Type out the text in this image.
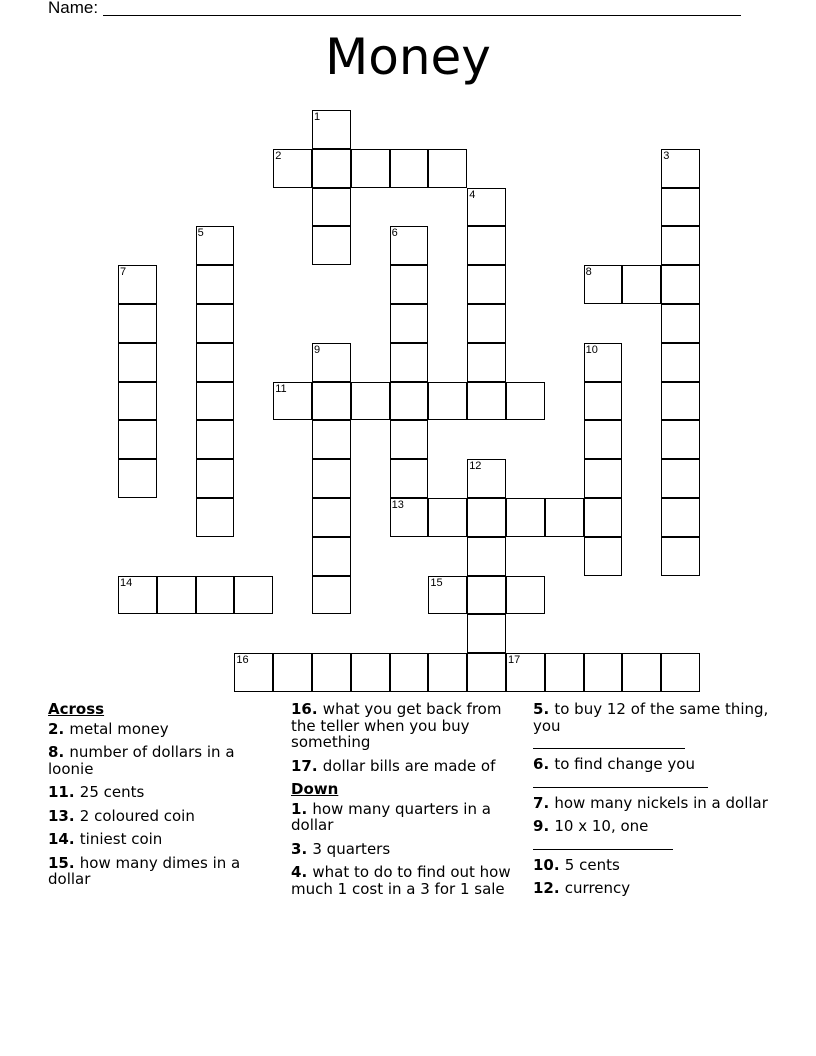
Name:
Money
2
8
11
13
14	15
16	17
1
3
4
5	6
7
9	10
12
Across
2. metal money
8. number of dollars in a loonie
11. 25 cents
13. 2 coloured coin
14. tiniest coin
15. how many dimes in a dollar
16. what you get back from the teller when you buy something
17. dollar bills are made of
Down
1. how many quarters in a dollar
3. 3 quarters
4. what to do to find out how much 1 cost in a 3 for 1 sale
5. to buy 12 of the same thing, you
6. to find change you
7. how many nickels in a dollar
9. 10 x 10, one
10. 5 cents
12. currency
